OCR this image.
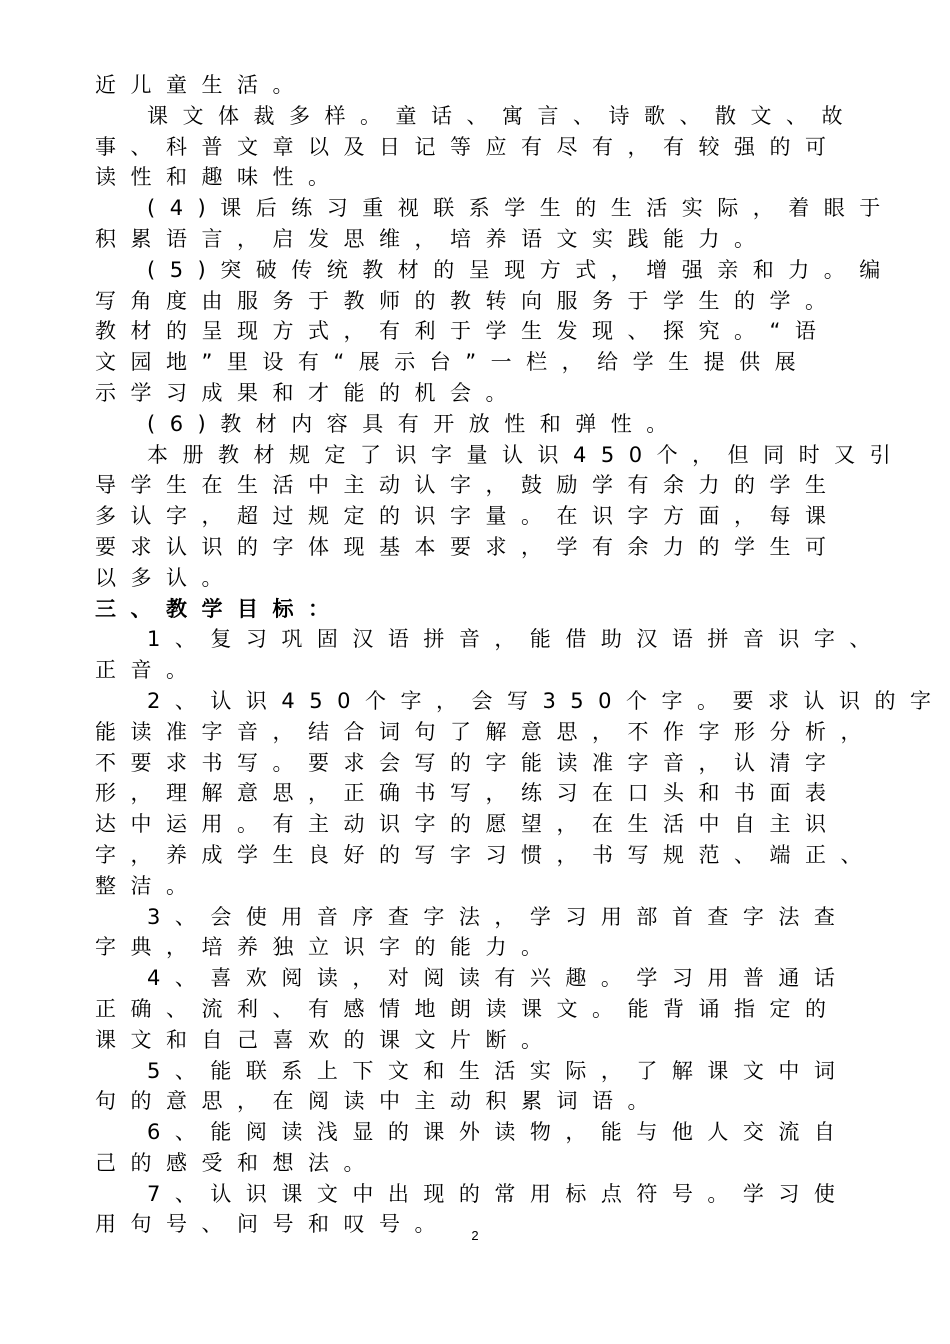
近儿童生活。
课文体裁多样。童话、寓言、诗歌、散文、故
事、科普文章以及日记等应有尽有，有较强的可
读性和趣味性。
(4)课后练习重视联系学生的生活实际，着眼于
积累语言，启发思维，培养语文实践能力。
(5)突破传统教材的呈现方式，增强亲和力。编
写角度由服务于教师的教转向服务于学生的学。
教材的呈现方式，有利于学生发现、探究。“语
文园地”里设有“展示台”一栏，给学生提供展
示学习成果和才能的机会。
(6)教材内容具有开放性和弹性。
本册教材规定了识字量认识450个，但同时又引
导学生在生活中主动认字，鼓励学有余力的学生
多认字，超过规定的识字量。在识字方面，每课
要求认识的字体现基本要求，学有余力的学生可
以多认。
三、教学目标：
1、复习巩固汉语拼音，能借助汉语拼音识字、
正音。
2、认识450个字，会写350个字。要求认识的字
能读准字音，结合词句了解意思，不作字形分析，
不要求书写。要求会写的字能读准字音，认清字
形，理解意思，正确书写，练习在口头和书面表
达中运用。有主动识字的愿望，在生活中自主识
字，养成学生良好的写字习惯，书写规范、端正、
整洁。
3、会使用音序查字法，学习用部首查字法查
字典，培养独立识字的能力。
4、喜欢阅读，对阅读有兴趣。学习用普通话
正确、流利、有感情地朗读课文。能背诵指定的
课文和自己喜欢的课文片断。
5、能联系上下文和生活实际，了解课文中词
句的意思，在阅读中主动积累词语。
6、能阅读浅显的课外读物，能与他人交流自
己的感受和想法。
7、认识课文中出现的常用标点符号。学习使
用句号、问号和叹号。	2
